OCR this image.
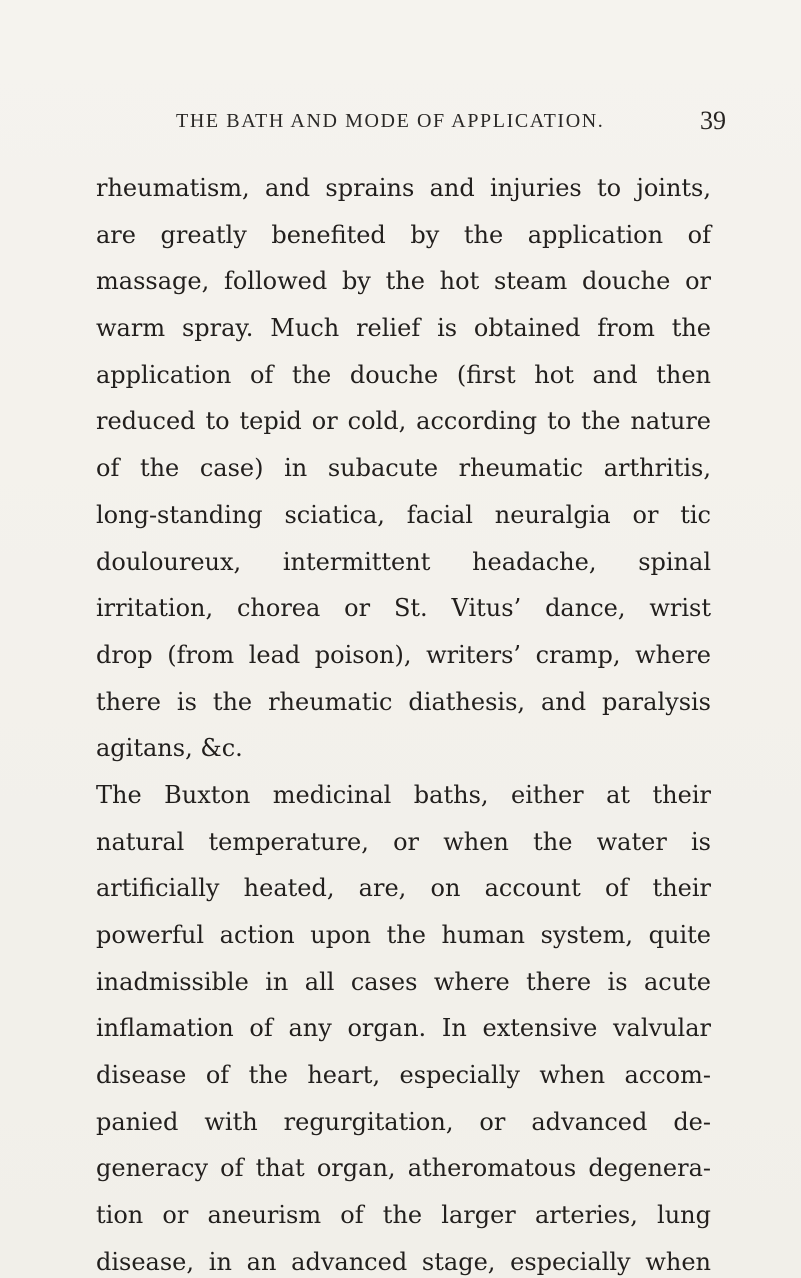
THE BATH AND MODE OF APPLICATION.	39
rheumatism, and sprains and injuries to joints,
are greatly benefited by the application of
massage, followed by the hot steam douche or
warm spray. Much relief is obtained from the
application of the douche (first hot and then
reduced to tepid or cold, according to the nature
of the case) in subacute rheumatic arthritis,
long-standing sciatica, facial neuralgia or tic
douloureux, intermittent headache, spinal
irritation, chorea or St. Vitus’ dance, wrist
drop (from lead poison), writers’ cramp, where
there is the rheumatic diathesis, and paralysis
agitans, &c.
The Buxton medicinal baths, either at their
natural temperature, or when the water is
artificially heated, are, on account of their
powerful action upon the human system, quite
inadmissible in all cases where there is acute
inflamation of any organ. In extensive valvular
disease of the heart, especially when accom-
panied with regurgitation, or advanced de-
generacy of that organ, atheromatous degenera-
tion or aneurism of the larger arteries, lung
disease, in an advanced stage, especially when
